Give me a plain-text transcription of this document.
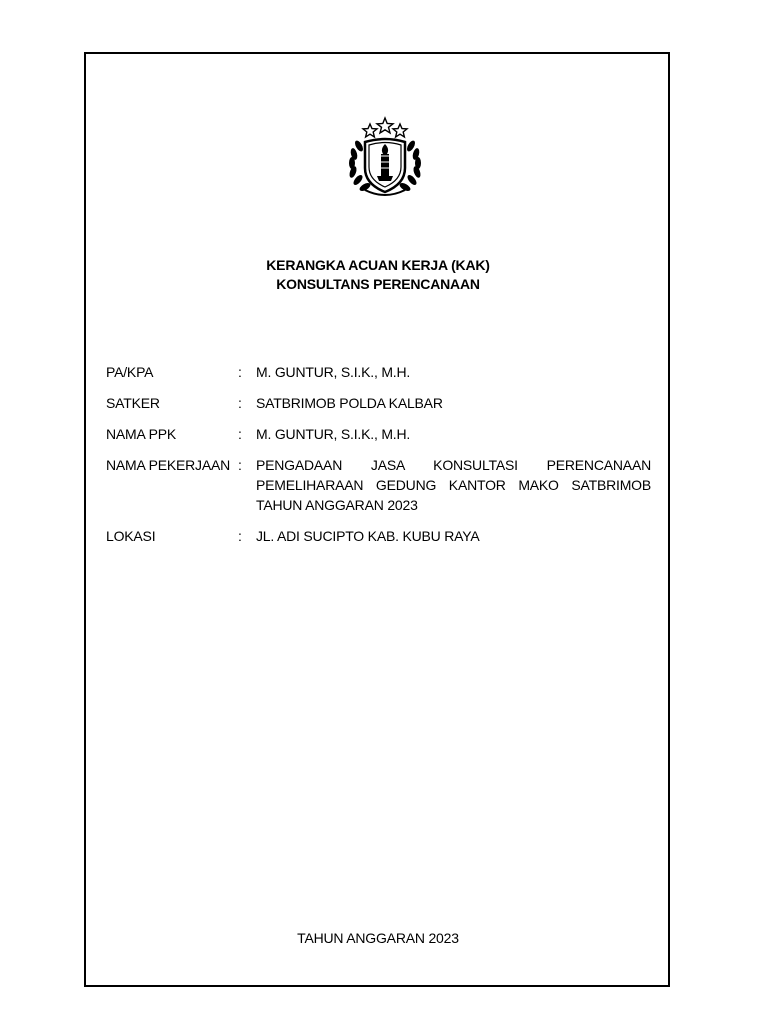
KERANGKA ACUAN KERJA (KAK)
KONSULTANS PERENCANAAN
PA/KPA	: M. GUNTUR, S.I.K., M.H.
SATKER	: SATBRIMOB POLDA KALBAR
NAMA PPK	: M. GUNTUR, S.I.K., M.H.
NAMA PEKERJAAN : PENGADAAN JASA KONSULTASI PERENCANAAN PEMELIHARAAN GEDUNG KANTOR MAKO SATBRIMOB TAHUN ANGGARAN 2023
LOKASI	: JL. ADI SUCIPTO KAB. KUBU RAYA
TAHUN ANGGARAN 2023
